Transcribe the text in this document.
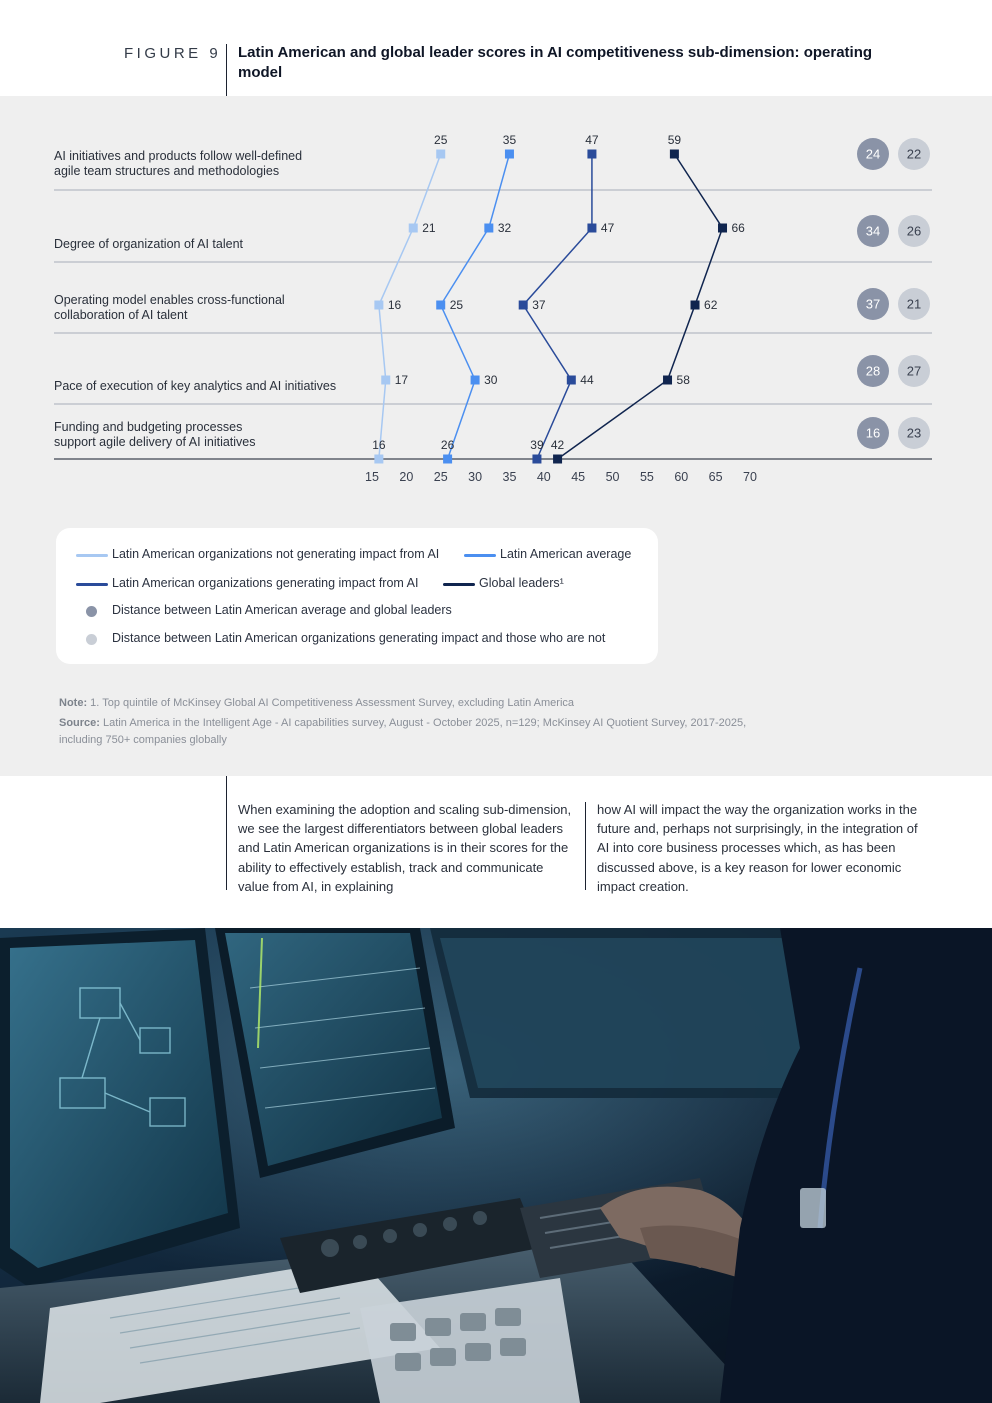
FIGURE 9 Latin American and global leader scores in AI competitiveness sub-dimension: operating model
AI initiatives and products follow well-defined
agile team structures and methodologies
Degree of organization of AI talent
Operating model enables cross-functional
collaboration of AI talent
Pace of execution of key analytics and AI initiatives
Funding and budgeting processes
support agile delivery of AI initiatives
25
21
16
17
16
35
32
25
30
26
47
47
37
44
39
59
66
62
58
42
24
34
37
28
16
22
26
21
27
23
15 20 25 30 35 40 45 50 55 60 65 70
Latin American organizations not generating impact from AI	Latin American average
Latin American organizations generating impact from AI	Global leaders¹
Distance between Latin American average and global leaders
Distance between Latin American organizations generating impact and those who are not
Note: 1. Top quintile of McKinsey Global AI Competitiveness Assessment Survey, excluding Latin America
Source: Latin America in the Intelligent Age - AI capabilities survey, August - October 2025, n=129; McKinsey AI Quotient Survey, 2017-2025,
including 750+ companies globally

When examining the adoption and scaling sub-dimension, we see the largest differentiators between global leaders and Latin American organizations is in their scores for the ability to effectively establish, track and communicate value from AI, in explaining

how AI will impact the way the organization works in the future and, perhaps not surprisingly, in the integration of AI into core business processes which, as has been discussed above, is a key reason for lower economic impact creation.
